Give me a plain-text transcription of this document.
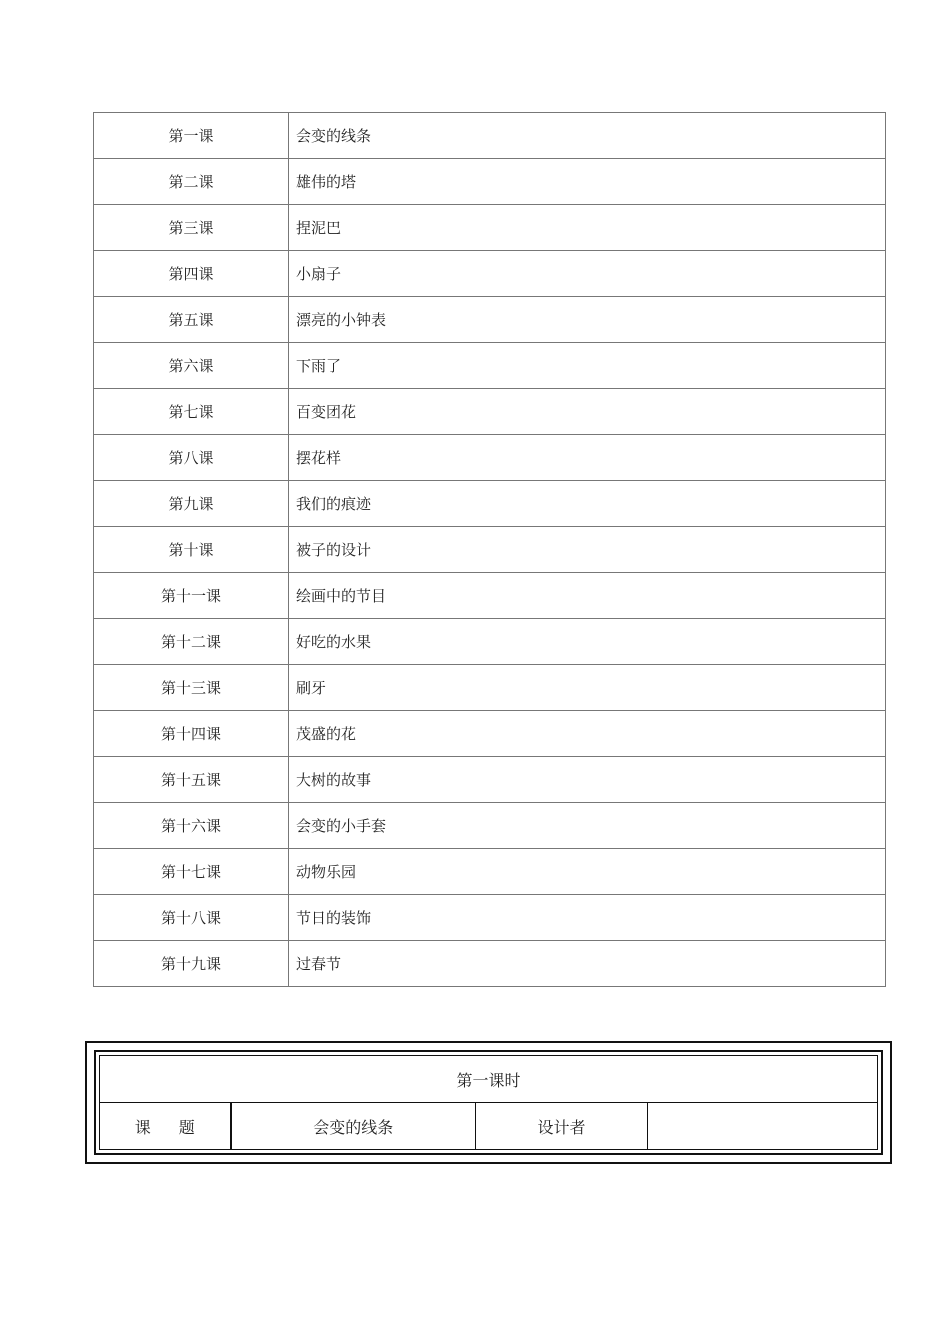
第一课	会变的线条
第二课	雄伟的塔
第三课	捏泥巴
第四课	小扇子
第五课	漂亮的小钟表
第六课	下雨了
第七课	百变团花
第八课	摆花样
第九课	我们的痕迹
第十课	被子的设计
第十一课	绘画中的节目
第十二课	好吃的水果
第十三课	刷牙
第十四课	茂盛的花
第十五课	大树的故事
第十六课	会变的小手套
第十七课	动物乐园
第十八课	节日的装饰
第十九课	过春节
第一课时
课 题	会变的线条	设计者	
